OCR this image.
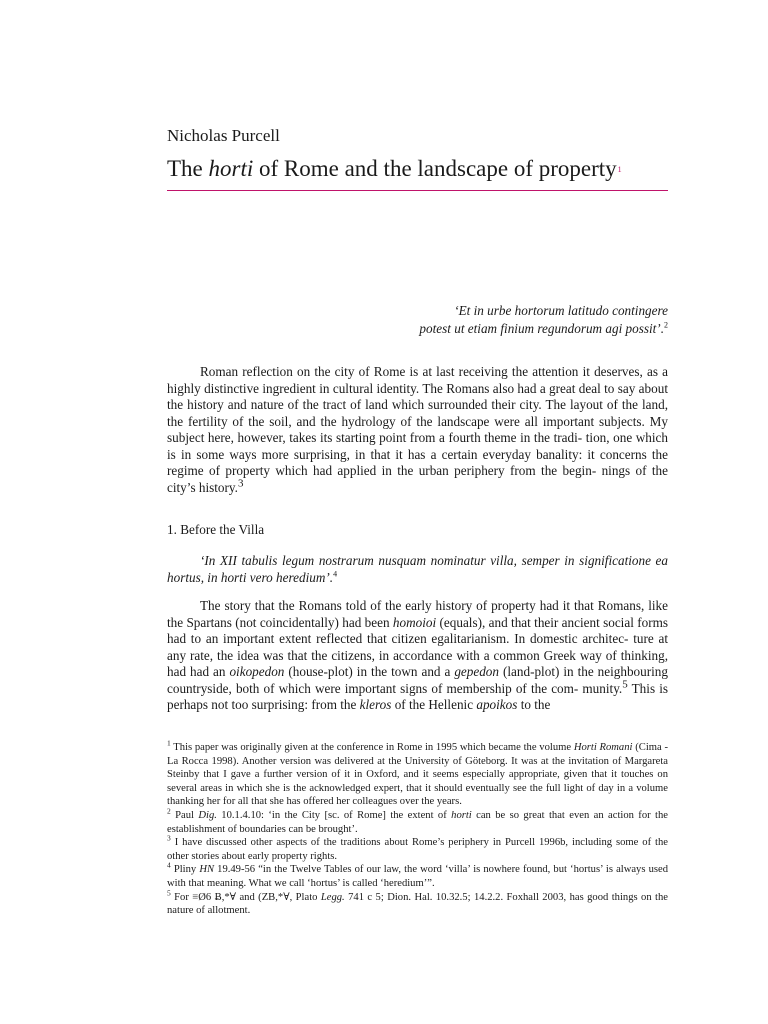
Nicholas Purcell
The horti of Rome and the landscape of property$^1$
‘Et in urbe hortorum latitudo contingere
potest ut etiam finium regundorum agi possit’.$^2$

Roman reflection on the city of Rome is at last receiving the attention it deserves, as a highly distinctive ingredient in cultural identity. The Romans also had a great deal to say about the history and nature of the tract of land which surrounded their city. The layout of the land, the fertility of the soil, and the hydrology of the landscape were all important subjects. My subject here, however, takes its starting point from a fourth theme in the tradi- tion, one which is in some ways more surprising, in that it has a certain everyday banality: it concerns the regime of property which had applied in the urban periphery from the begin- nings of the city’s history.$^3$

1. Before the Villa
‘In XII tabulis legum nostrarum nusquam nominatur villa, semper in significatione ea hortus, in horti vero heredium’.$^4$

The story that the Romans told of the early history of property had it that Romans, like the Spartans (not coincidentally) had been homoioi (equals), and that their ancient social forms had to an important extent reflected that citizen egalitarianism. In domestic architec- ture at any rate, the idea was that the citizens, in accordance with a common Greek way of thinking, had had an oikopedon (house-plot) in the town and a gepedon (land-plot) in the neighbouring countryside, both of which were important signs of membership of the com- munity.$^5$ This is perhaps not too surprising: from the kleros of the Hellenic apoikos to the

$^1$ This paper was originally given at the conference in Rome in 1995 which became the volume Horti Romani (Cima - La Rocca 1998). Another version was delivered at the University of Göteborg. It was at the invitation of Margareta Steinby that I gave a further version of it in Oxford, and it seems especially appropriate, given that it touches on several areas in which she is the acknowledged expert, that it should eventually see the full light of day in a volume thanking her for all that she has offered her colleagues over the years.

$^2$ Paul Dig. 10.1.4.10: ‘in the City [sc. of Rome] the extent of horti can be so great that even an action for the establishment of boundaries can be brought’.

$^3$ I have discussed other aspects of the traditions about Rome’s periphery in Purcell 1996b, including some of the other stories about early property rights.

$^4$ Pliny HN 19.49-56 “in the Twelve Tables of our law, the word ‘villa’ is nowhere found, but ‘hortus’ is always used with that meaning. What we call ‘hortus’ is called ‘heredium’”.

$^5$ For ≡Ø6 Ƀ,*∀ and (ZB,*∀, Plato Legg. 741 c 5; Dion. Hal. 10.32.5; 14.2.2. Foxhall 2003, has good things on the nature of allotment.
